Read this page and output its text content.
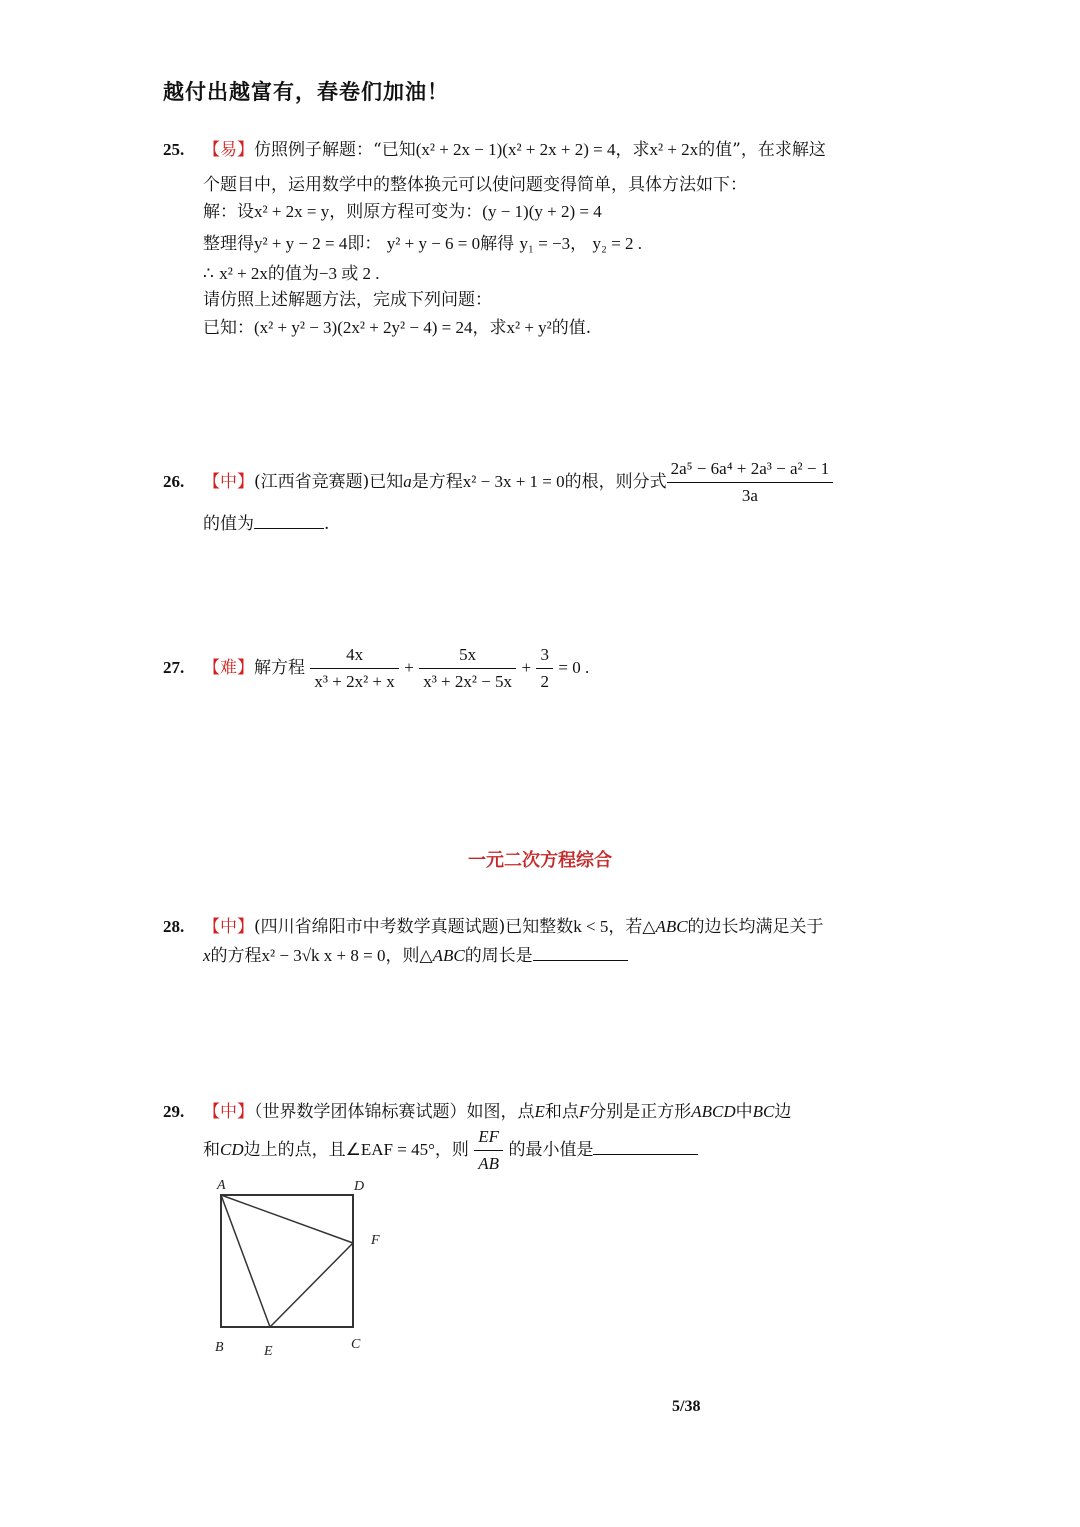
越付出越富有，春卷们加油！
25. 【易】仿照例子解题：“已知(x² + 2x − 1)(x² + 2x + 2) = 4，求x² + 2x的值”，在求解这
个题目中，运用数学中的整体换元可以使问题变得简单，具体方法如下：
解：设x² + 2x = y，则原方程可变为：(y − 1)(y + 2) = 4
整理得y² + y − 2 = 4即： y² + y − 6 = 0解得 y₁ = −3， y₂ = 2 .
∴ x² + 2x的值为−3 或 2 .
请仿照上述解题方法，完成下列问题：
已知：(x² + y² − 3)(2x² + 2y² − 4) = 24，求x² + y²的值.
26. 【中】(江西省竞赛题)已知a是方程x² − 3x + 1 = 0的根，则分式 $\frac{\text{2a⁵ − 6a⁴ + 2a³ − a² − 1}}{3a}$
的值为	.
27. 【难】解方程 $\frac{4x}{\text{x³ + 2x² + x}} + \frac{5x}{\text{x³ + 2x² − 5x}} + \frac{3}{2} = 0$ .
一元二次方程综合
28. 【中】(四川省绵阳市中考数学真题试题)已知整数k < 5，若△ABC的边长均满足关于
x的方程x² − 3√k x + 8 = 0，则△ABC的周长是
29. 【中】（世界数学团体锦标赛试题）如图，点E和点F分别是正方形ABCD中BC边
和CD边上的点，且∠EAF = 45°，则 $\frac{EF}{AB}$ 的最小值是
A	D
F
B	E	C
5/38
